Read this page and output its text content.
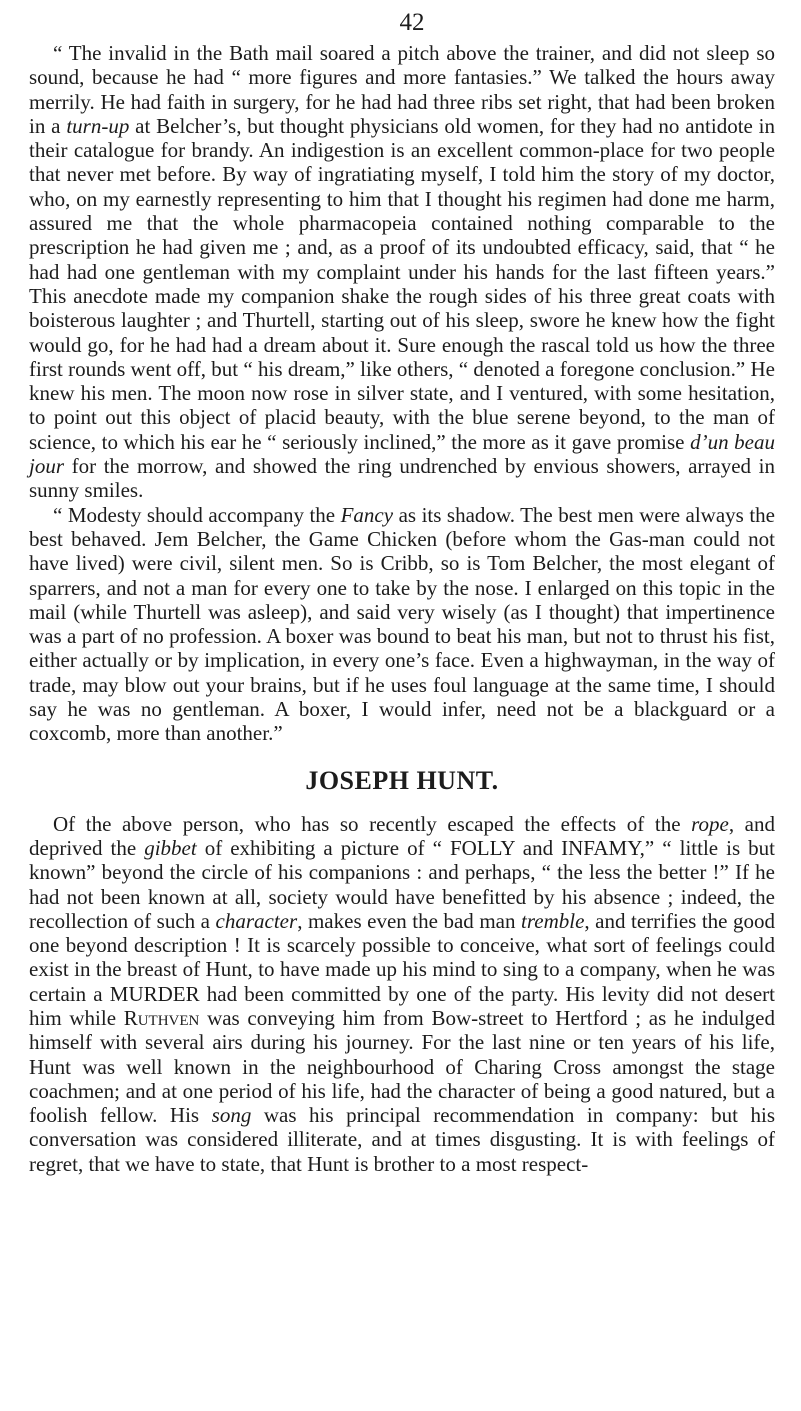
42

“ The invalid in the Bath mail soared a pitch above the trainer, and did not sleep so sound, because he had “ more figures and more fantasies.” We talked the hours away merrily. He had faith in surgery, for he had had three ribs set right, that had been broken in a turn-up at Belcher’s, but thought physicians old women, for they had no antidote in their catalogue for brandy. An indigestion is an excellent common-place for two people that never met before. By way of ingratiating myself, I told him the story of my doctor, who, on my earnestly representing to him that I thought his regimen had done me harm, assured me that the whole pharmacopeia contained nothing comparable to the prescription he had given me ; and, as a proof of its undoubted efficacy, said, that “ he had had one gentleman with my complaint under his hands for the last fifteen years.” This anecdote made my companion shake the rough sides of his three great coats with boisterous laughter ; and Thurtell, starting out of his sleep, swore he knew how the fight would go, for he had had a dream about it. Sure enough the rascal told us how the three first rounds went off, but “ his dream,” like others, “ denoted a foregone conclusion.” He knew his men. The moon now rose in silver state, and I ventured, with some hesitation, to point out this object of placid beauty, with the blue serene beyond, to the man of science, to which his ear he “ seriously inclined,” the more as it gave promise d’un beau jour for the morrow, and showed the ring undrenched by envious showers, arrayed in sunny smiles.

“ Modesty should accompany the Fancy as its shadow. The best men were always the best behaved. Jem Belcher, the Game Chicken (before whom the Gas-man could not have lived) were civil, silent men. So is Cribb, so is Tom Belcher, the most elegant of sparrers, and not a man for every one to take by the nose. I enlarged on this topic in the mail (while Thurtell was asleep), and said very wisely (as I thought) that impertinence was a part of no profession. A boxer was bound to beat his man, but not to thrust his fist, either actually or by implication, in every one’s face. Even a highwayman, in the way of trade, may blow out your brains, but if he uses foul language at the same time, I should say he was no gentleman. A boxer, I would infer, need not be a blackguard or a coxcomb, more than another.”

JOSEPH HUNT.

Of the above person, who has so recently escaped the effects of the rope, and deprived the gibbet of exhibiting a picture of “ FOLLY and INFAMY,” “ little is but known” beyond the circle of his companions : and perhaps, “ the less the better !” If he had not been known at all, society would have benefitted by his absence ; indeed, the recollection of such a character, makes even the bad man tremble, and terrifies the good one beyond description ! It is scarcely possible to conceive, what sort of feelings could exist in the breast of Hunt, to have made up his mind to sing to a company, when he was certain a MURDER had been committed by one of the party. His levity did not desert him while Ruthven was conveying him from Bow-street to Hertford ; as he indulged himself with several airs during his journey. For the last nine or ten years of his life, Hunt was well known in the neighbourhood of Charing Cross amongst the stage coachmen; and at one period of his life, had the character of being a good natured, but a foolish fellow. His song was his principal recommendation in company: but his conversation was considered illiterate, and at times disgusting. It is with feelings of regret, that we have to state, that Hunt is brother to a most respect-
